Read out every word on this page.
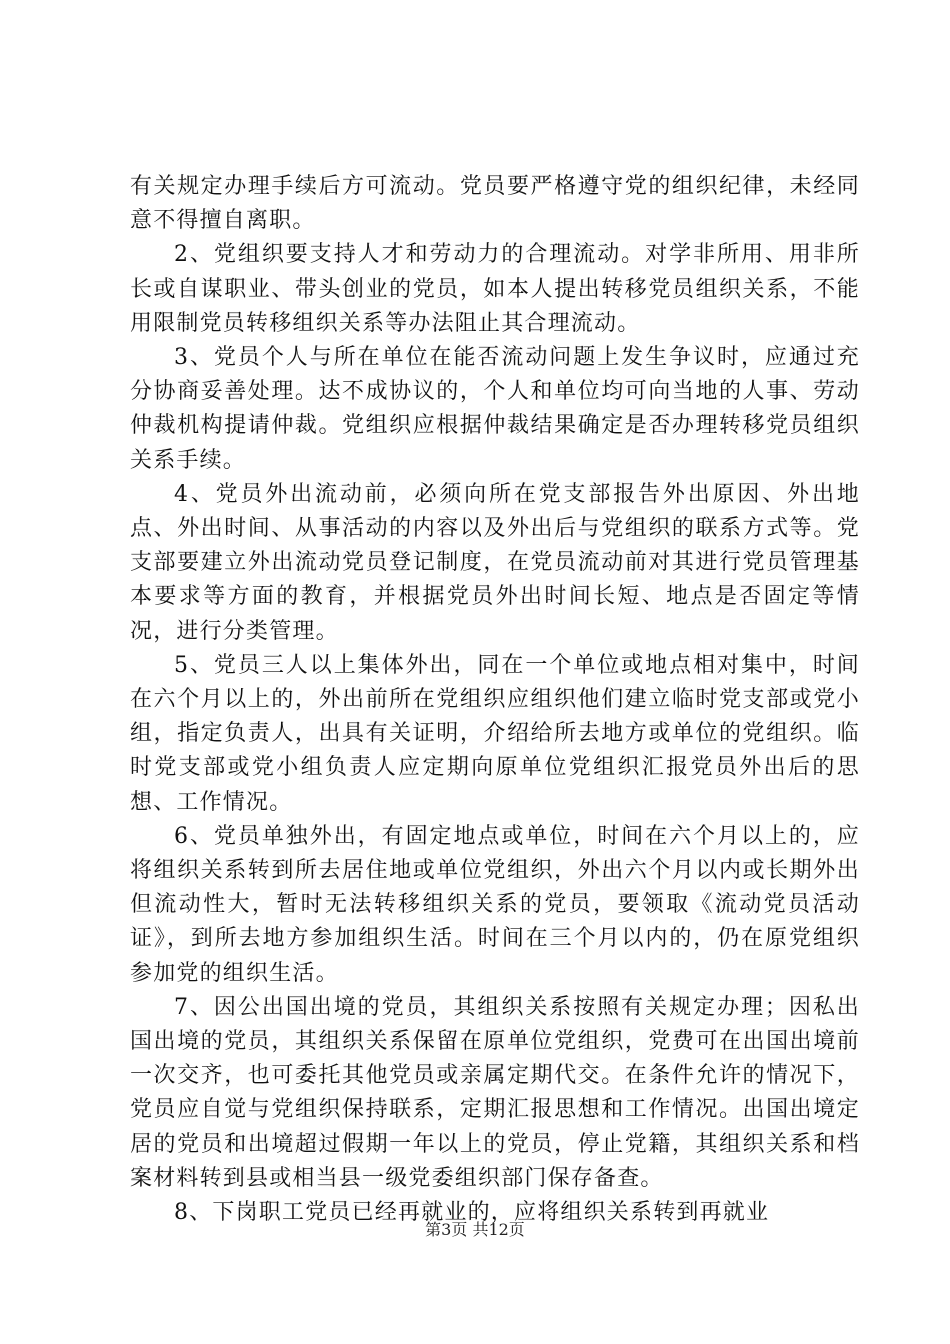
有关规定办理手续后方可流动。党员要严格遵守党的组织纪律，未经同意不得擅自离职。

2、党组织要支持人才和劳动力的合理流动。对学非所用、用非所长或自谋职业、带头创业的党员，如本人提出转移党员组织关系，不能用限制党员转移组织关系等办法阻止其合理流动。

3、党员个人与所在单位在能否流动问题上发生争议时，应通过充分协商妥善处理。达不成协议的，个人和单位均可向当地的人事、劳动仲裁机构提请仲裁。党组织应根据仲裁结果确定是否办理转移党员组织关系手续。

4、党员外出流动前，必须向所在党支部报告外出原因、外出地点、外出时间、从事活动的内容以及外出后与党组织的联系方式等。党支部要建立外出流动党员登记制度，在党员流动前对其进行党员管理基本要求等方面的教育，并根据党员外出时间长短、地点是否固定等情况，进行分类管理。

5、党员三人以上集体外出，同在一个单位或地点相对集中，时间在六个月以上的，外出前所在党组织应组织他们建立临时党支部或党小组，指定负责人，出具有关证明，介绍给所去地方或单位的党组织。临时党支部或党小组负责人应定期向原单位党组织汇报党员外出后的思想、工作情况。

6、党员单独外出，有固定地点或单位，时间在六个月以上的，应将组织关系转到所去居住地或单位党组织，外出六个月以内或长期外出但流动性大，暂时无法转移组织关系的党员，要领取《流动党员活动证》，到所去地方参加组织生活。时间在三个月以内的，仍在原党组织参加党的组织生活。

7、因公出国出境的党员，其组织关系按照有关规定办理；因私出国出境的党员，其组织关系保留在原单位党组织，党费可在出国出境前一次交齐，也可委托其他党员或亲属定期代交。在条件允许的情况下，党员应自觉与党组织保持联系，定期汇报思想和工作情况。出国出境定居的党员和出境超过假期一年以上的党员，停止党籍，其组织关系和档案材料转到县或相当县一级党委组织部门保存备查。

8、下岗职工党员已经再就业的，应将组织关系转到再就业

第3页 共12页
